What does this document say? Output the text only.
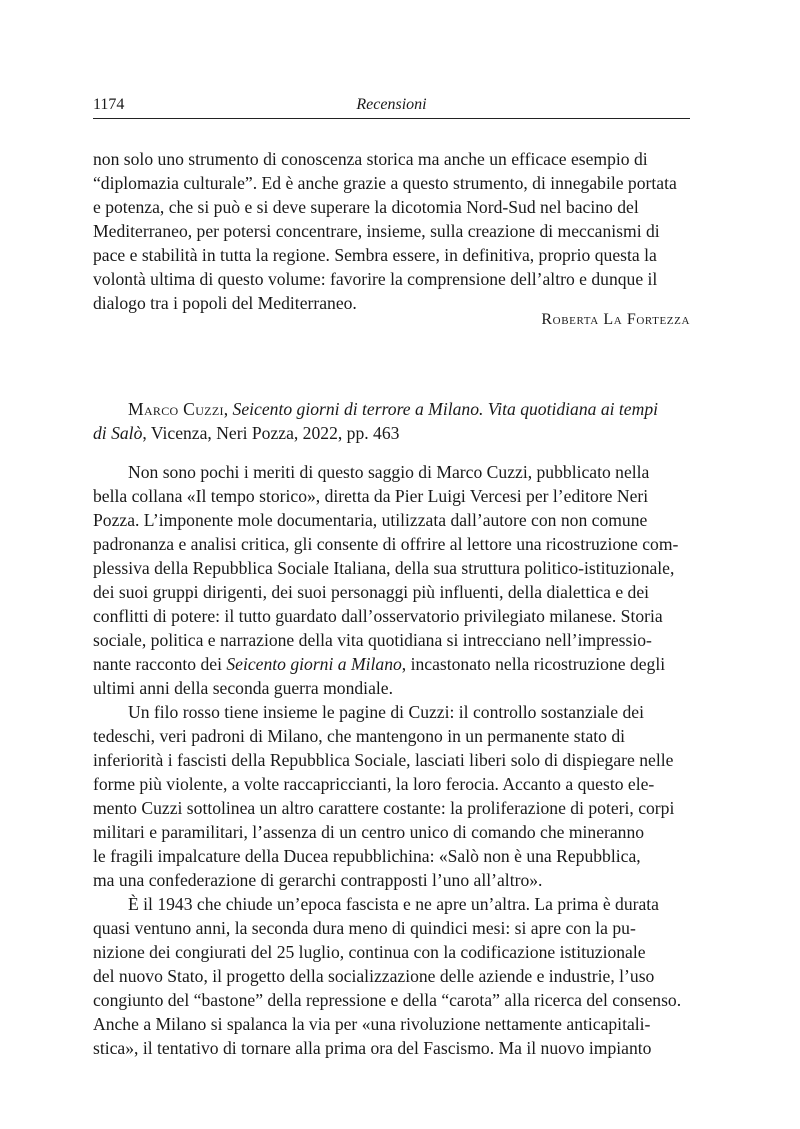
1174	Recensioni

non solo uno strumento di conoscenza storica ma anche un efficace esempio di

“diplomazia culturale”. Ed è anche grazie a questo strumento, di innegabile portata

e potenza, che si può e si deve superare la dicotomia Nord-Sud nel bacino del

Mediterraneo, per potersi concentrare, insieme, sulla creazione di meccanismi di

pace e stabilità in tutta la regione. Sembra essere, in definitiva, proprio questa la

volontà ultima di questo volume: favorire la comprensione dell’altro e dunque il

dialogo tra i popoli del Mediterraneo.

Roberta La Fortezza

Marco Cuzzi, Seicento giorni di terrore a Milano. Vita quotidiana ai tempi

di Salò, Vicenza, Neri Pozza, 2022, pp. 463

Non sono pochi i meriti di questo saggio di Marco Cuzzi, pubblicato nella

bella collana «Il tempo storico», diretta da Pier Luigi Vercesi per l’editore Neri

Pozza. L’imponente mole documentaria, utilizzata dall’autore con non comune

padronanza e analisi critica, gli consente di offrire al lettore una ricostruzione com-

plessiva della Repubblica Sociale Italiana, della sua struttura politico-istituzionale,

dei suoi gruppi dirigenti, dei suoi personaggi più influenti, della dialettica e dei

conflitti di potere: il tutto guardato dall’osservatorio privilegiato milanese. Storia

sociale, politica e narrazione della vita quotidiana si intrecciano nell’impressio-

nante racconto dei Seicento giorni a Milano, incastonato nella ricostruzione degli

ultimi anni della seconda guerra mondiale.

Un filo rosso tiene insieme le pagine di Cuzzi: il controllo sostanziale dei

tedeschi, veri padroni di Milano, che mantengono in un permanente stato di

inferiorità i fascisti della Repubblica Sociale, lasciati liberi solo di dispiegare nelle

forme più violente, a volte raccapriccianti, la loro ferocia. Accanto a questo ele-

mento Cuzzi sottolinea un altro carattere costante: la proliferazione di poteri, corpi

militari e paramilitari, l’assenza di un centro unico di comando che mineranno

le fragili impalcature della Ducea repubblichina: «Salò non è una Repubblica,

ma una confederazione di gerarchi contrapposti l’uno all’altro».

È il 1943 che chiude un’epoca fascista e ne apre un’altra. La prima è durata

quasi ventuno anni, la seconda dura meno di quindici mesi: si apre con la pu-

nizione dei congiurati del 25 luglio, continua con la codificazione istituzionale

del nuovo Stato, il progetto della socializzazione delle aziende e industrie, l’uso

congiunto del “bastone” della repressione e della “carota” alla ricerca del consenso.

Anche a Milano si spalanca la via per «una rivoluzione nettamente anticapitali-

stica», il tentativo di tornare alla prima ora del Fascismo. Ma il nuovo impianto
